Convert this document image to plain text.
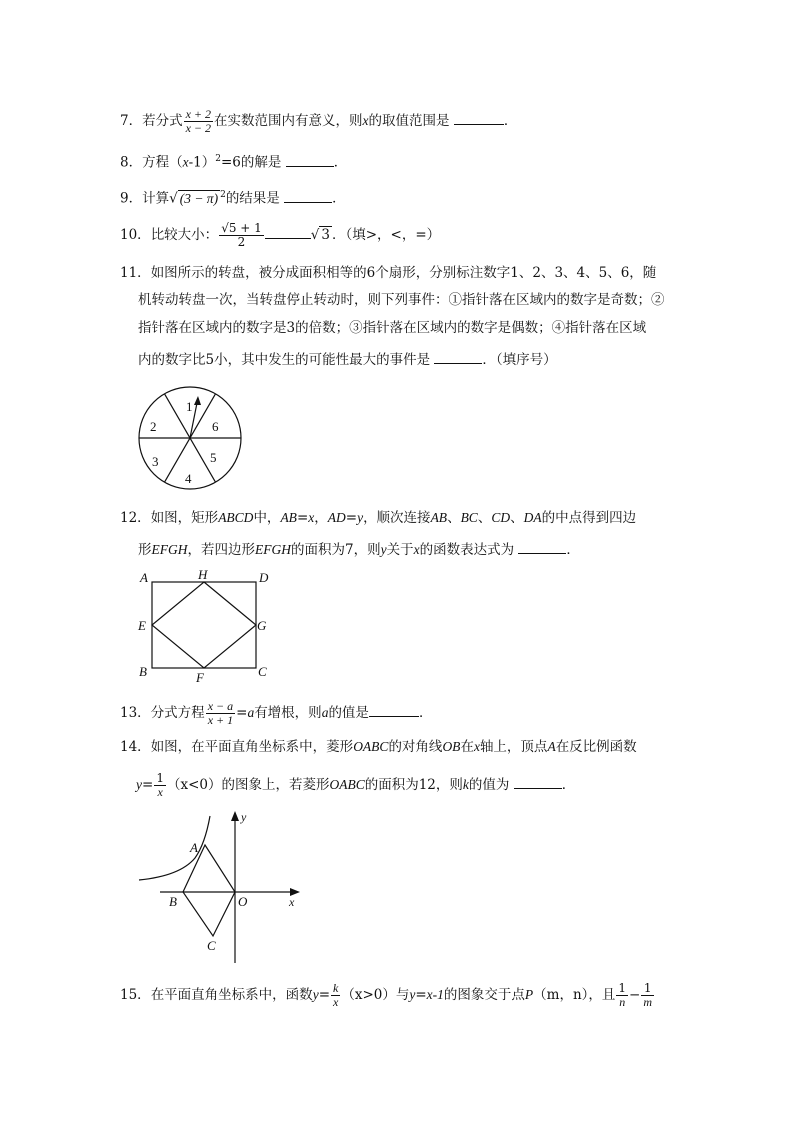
7．若分式 $\frac{x + 2}{x - 2}$ 在实数范围内有意义，则x的取值范围是	．
8．方程$(x-1)^2=6$的解是	．
9．计算√ (3 − π) $^2$的结果是	．
10．比较大小： $\frac{√5 + 1}{2}$	√ 3 ．（填>，<，=）
11．如图所示的转盘，被分成面积相等的6个扇形，分别标注数字1、2、3、4、5、6，随
机转动转盘一次，当转盘停止转动时，则下列事件：①指针落在区域内的数字是奇数；②
指针落在区域内的数字是3的倍数；③指针落在区域内的数字是偶数；④指针落在区域
内的数字比5小，其中发生的可能性最大的事件是	．（填序号）
1
6
5
4
3
2
12．如图，矩形ABCD中，AB=x，AD=y，顺次连接AB、BC、CD、DA的中点得到四边
形EFGH，若四边形EFGH的面积为7，则y关于x的函数表达式为	．
A	H	D
E	G
B	F	C
13．分式方程 $\frac{x - a}{x + 1} =a$有增根，则a的值是	．
14．如图，在平面直角坐标系中，菱形OABC的对角线OB在x轴上，顶点A在反比例函数
$y= \frac{1}{x} (x<0)$的图象上，若菱形OABC的面积为12，则k的值为	．
y
x
A
B	O
C
15．在平面直角坐标系中，函数$y= \frac{k}{x} (x>0)$与y=x-1的图象交于点P（m，n），且 $\frac{1}{n} - \frac{1}{m}$
